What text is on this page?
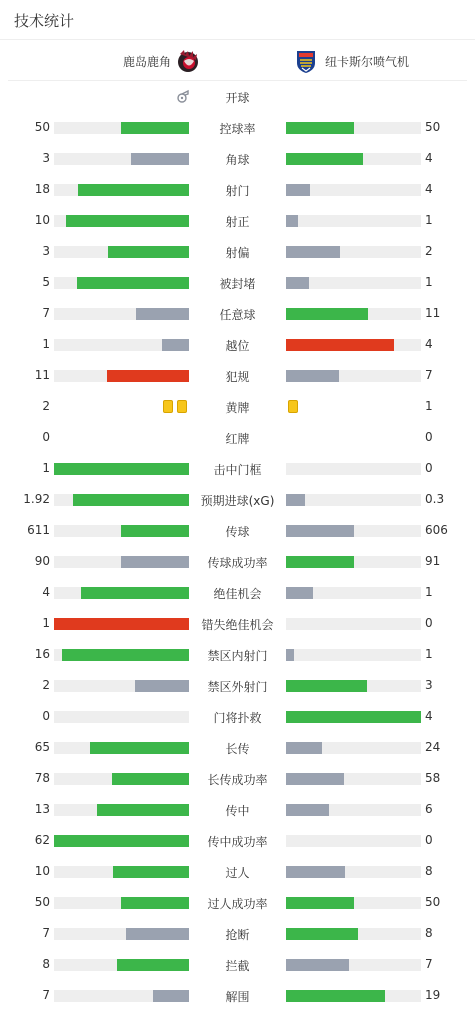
技术统计
鹿岛鹿角	纽卡斯尔喷气机
开球
50	控球率	50
3	角球	4
18	射门	4
10	射正	1
3	射偏	2
5	被封堵	1
7	任意球	11
1	越位	4
11	犯规	7
2	黄牌	1
0	红牌	0
1	击中门框	0
1.92	预期进球(xG)	0.3
611	传球	606
90	传球成功率	91
4	绝佳机会	1
1	错失绝佳机会	0
16	禁区内射门	1
2	禁区外射门	3
0	门将扑救	4
65	长传	24
78	长传成功率	58
13	传中	6
62	传中成功率	0
10	过人	8
50	过人成功率	50
7	抢断	8
8	拦截	7
7	解围	19
